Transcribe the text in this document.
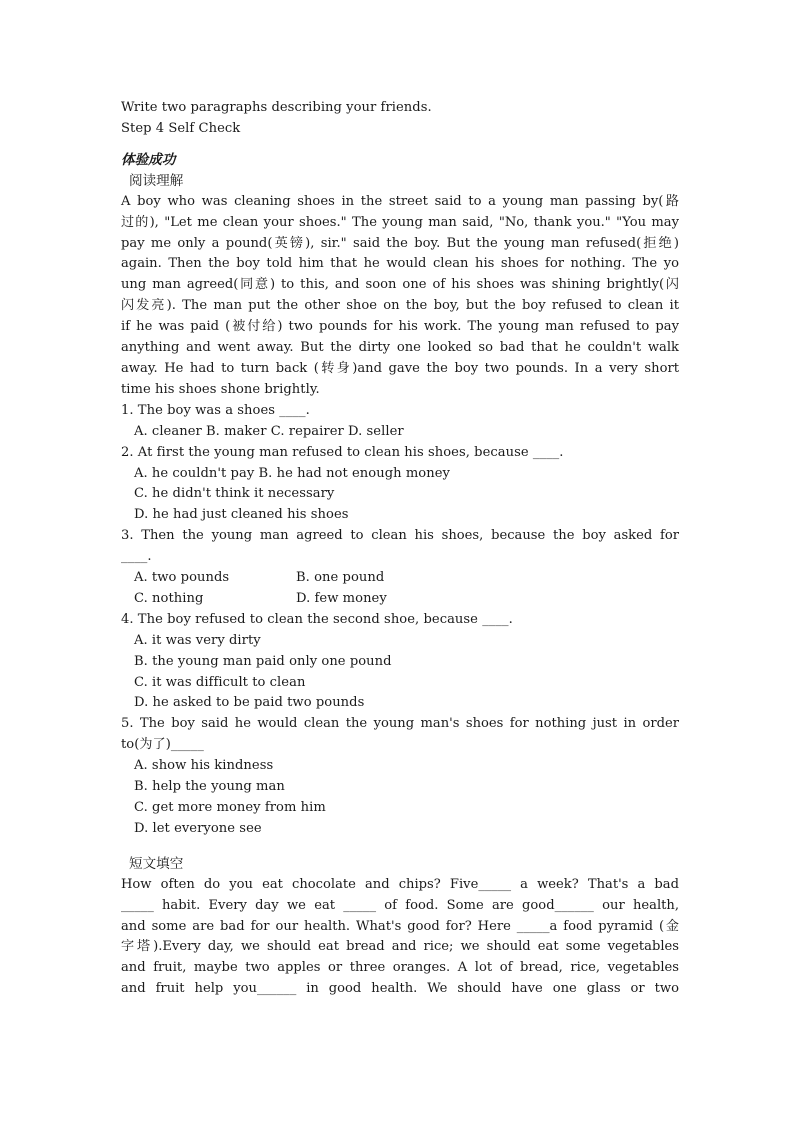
Write two paragraphs describing your friends.
Step 4 Self Check
体验成功
阅读理解
A boy who was cleaning shoes in the street said to a young man passing by(路
过的), "Let me clean your shoes." The young man said, "No, thank you." "You may
pay me only a pound(英镑), sir." said the boy. But the young man refused(拒绝)
again. Then the boy told him that he would clean his shoes for nothing. The yo
ung man agreed(同意) to this, and soon one of his shoes was shining brightly(闪
闪发亮). The man put the other shoe on the boy, but the boy refused to clean it
if he was paid (被付给) two pounds for his work. The young man refused to pay
anything and went away. But the dirty one looked so bad that he couldn't walk
away. He had to turn back (转身)and gave the boy two pounds. In a very short
time his shoes shone brightly.
1. The boy was a shoes ____.
A. cleaner B. maker C. repairer D. seller
2. At first the young man refused to clean his shoes, because ____.
A. he couldn't pay B. he had not enough money
C. he didn't think it necessary
D. he had just cleaned his shoes
3. Then the young man agreed to clean his shoes, because the boy asked for
____.
A. two pounds	B. one pound
C. nothing	D. few money
4. The boy refused to clean the second shoe, because ____.
A. it was very dirty
B. the young man paid only one pound
C. it was difficult to clean
D. he asked to be paid two pounds
5. The boy said he would clean the young man's shoes for nothing just in order
to(为了)_____
A. show his kindness
B. help the young man
C. get more money from him
D. let everyone see
短文填空
How often do you eat chocolate and chips? Five_____ a week? That's a bad
_____ habit. Every day we eat _____ of food. Some are good______ our health,
and some are bad for our health. What's good for? Here _____a food pyramid (金
字塔).Every day, we should eat bread and rice; we should eat some vegetables
and fruit, maybe two apples or three oranges. A lot of bread, rice, vegetables
and fruit help you______ in good health. We should have one glass or two
